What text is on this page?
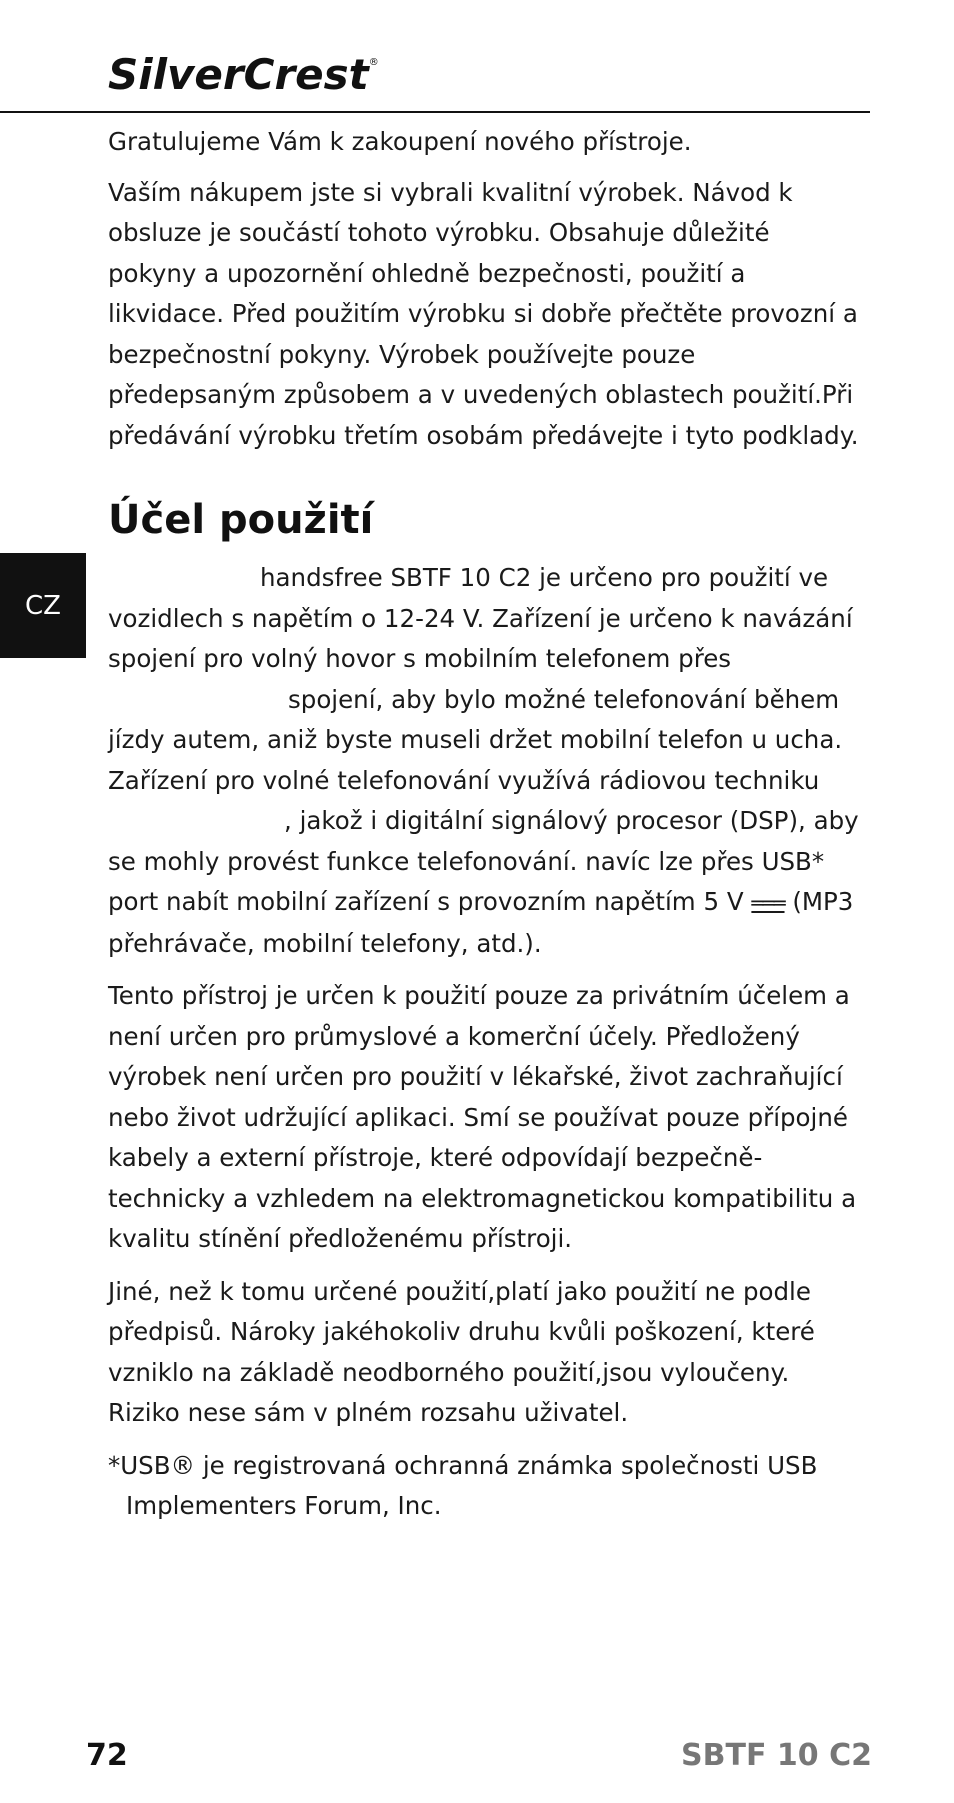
SilverCrest®
CZ

Gratulujeme Vám k zakoupení nového přístroje.

Vaším nákupem jste si vybrali kvalitní výrobek. Návod k obsluze je součástí tohoto výrobku. Obsahuje důležité pokyny a upozornění ohledně bezpečnosti, použití a likvidace. Před použitím výrobku si dobře přečtěte provozní a bezpečnostní pokyny. Výrobek používejte pouze předepsaným způsobem a v uvedených oblastech použití.Při předávání výrobku třetím osobám předávejte i tyto podklady.

Účel použití

handsfree SBTF 10 C2 je určeno pro použití ve vozidlech s napětím o 12-24 V. Zařízení je určeno k navázání spojení pro volný hovor s mobilním telefonem přesspojení, aby bylo možné telefonování během jízdy autem, aniž byste museli držet mobilní telefon u ucha. Zařízení pro volné telefonování využívá rádiovou techniku, jakož i digitální signálový procesor (DSP), aby se mohly provést funkce telefonování. navíc lze přes USB* port nabít mobilní zařízení s provozním napětím 5 V ═══ (MP3 přehrávače, mobilní telefony, atd.).

Tento přístroj je určen k použití pouze za privátním účelem a není určen pro průmyslové a komerční účely. Předložený výrobek není určen pro použití v lékařské, život zachraňující nebo život udržující aplikaci. Smí se používat pouze přípojné kabely a externí přístroje, které odpovídají bezpečně-technicky a vzhledem na elektromagnetickou kompatibilitu a kvalitu stínění předloženému přístroji.

Jiné, než k tomu určené použití,platí jako použití ne podle předpisů. Nároky jakéhokoliv druhu kvůli poškození, které vzniklo na základě neodborného použití,jsou vyloučeny. Riziko nese sám v plném rozsahu uživatel.

*USB® je registrovaná ochranná známka společnosti USB Implementers Forum, Inc.

72	SBTF 10 C2
